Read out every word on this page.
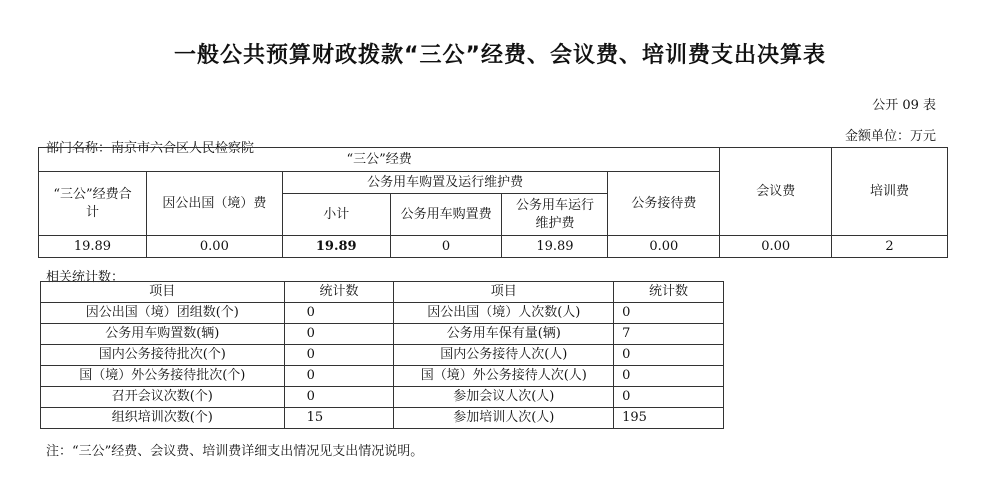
一般公共预算财政拨款“三公”经费、会议费、培训费支出决算表
公开 09 表
金额单位：万元
部门名称：南京市六合区人民检察院
“三公”经费						会议费	培训费
“三公”经费合计	因公出国（境）费	公务用车购置及运行维护费			公务接待费		
		小计	公务用车购置费	公务用车运行维护费			
19.89	0.00	19.89	0	19.89	0.00	0.00	2
相关统计数：
项目	统计数	项目	统计数
因公出国（境）团组数(个)	0	因公出国（境）人次数(人)	0
公务用车购置数(辆)	0	公务用车保有量(辆)	7
国内公务接待批次(个)	0	国内公务接待人次(人)	0
国（境）外公务接待批次(个)	0	国（境）外公务接待人次(人)	0
召开会议次数(个)	0	参加会议人次(人)	0
组织培训次数(个)	15	参加培训人次(人)	195
注：“三公”经费、会议费、培训费详细支出情况见支出情况说明。
